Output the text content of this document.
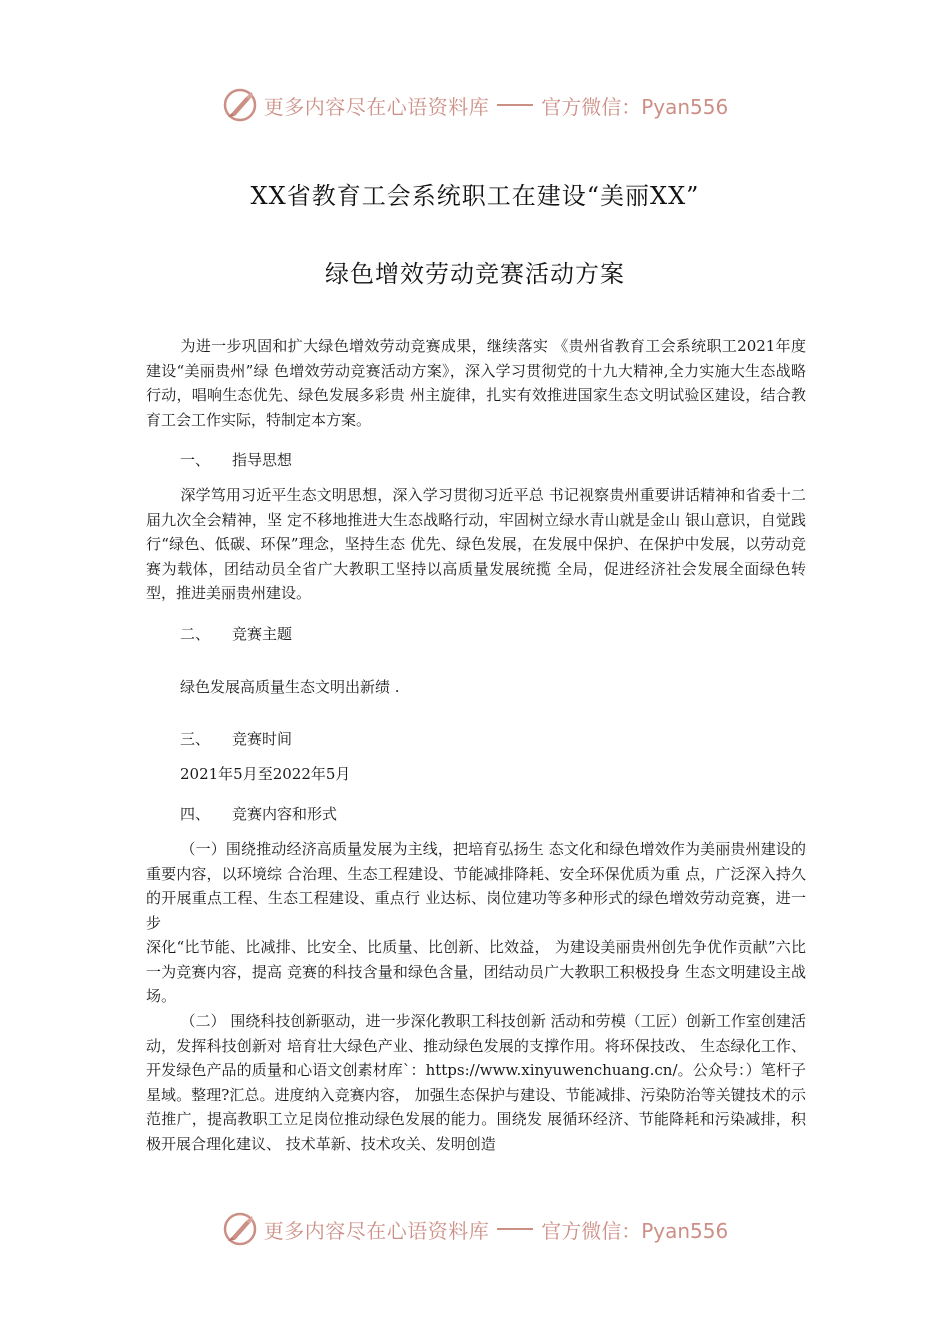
更多内容尽在心语资料库	官方微信：Pyan556
XX省教育工会系统职工在建设“美丽XX”
绿色增效劳动竞赛活动方案

为进一步巩固和扩大绿色增效劳动竞赛成果，继续落实 《贵州省教育工会系统职工2021年度建设“美丽贵州”绿 色增效劳动竞赛活动方案》，深入学习贯彻党的十九大精神,全力实施大生态战略行动，唱响生态优先、绿色发展多彩贵 州主旋律，扎实有效推进国家生态文明试验区建设，结合教 育工会工作实际，特制定本方案。

一、 指导思想

深学笃用习近平生态文明思想，深入学习贯彻习近平总 书记视察贵州重要讲话精神和省委十二届九次全会精神，坚 定不移地推进大生态战略行动，牢固树立绿水青山就是金山 银山意识，自觉践行“绿色、低碳、环保”理念，坚持生态 优先、绿色发展，在发展中保护、在保护中发展，以劳动竞 赛为载体，团结动员全省广大教职工坚持以高质量发展统揽 全局，促进经济社会发展全面绿色转型，推进美丽贵州建设。

二、 竞赛主题

绿色发展高质量生态文明出新绩 .

三、 竞赛时间

2021年5月至2022年5月

四、 竞赛内容和形式

（一）围绕推动经济高质量发展为主线，把培育弘扬生 态文化和绿色增效作为美丽贵州建设的重要内容，以环境综 合治理、生态工程建设、节能减排降耗、安全环保优质为重 点，广泛深入持久的开展重点工程、生态工程建设、重点行 业达标、岗位建功等多种形式的绿色增效劳动竞赛，进一步

深化“比节能、比减排、比安全、比质量、比创新、比效益， 为建设美丽贵州创先争优作贡献”六比一为竞赛内容，提高 竞赛的科技含量和绿色含量，团结动员广大教职工积极投身 生态文明建设主战场。

（二） 围绕科技创新驱动，进一步深化教职工科技创新 活动和劳模（工匠）创新工作室创建活动，发挥科技创新对 培育壮大绿色产业、推动绿色发展的支撑作用。将环保技改、 生态绿化工作、开发绿色产品的质量和心语文创素材库`：https://www.xinyuwenchuang.cn/。公众号：）笔杆子星域。整理?汇总。进度纳入竞赛内容， 加强生态保护与建设、节能减排、污染防治等关键技术的示 范推广，提高教职工立足岗位推动绿色发展的能力。围绕发 展循环经济、节能降耗和污染减排，积极开展合理化建议、 技术革新、技术攻关、发明创造

更多内容尽在心语资料库	官方微信：Pyan556
